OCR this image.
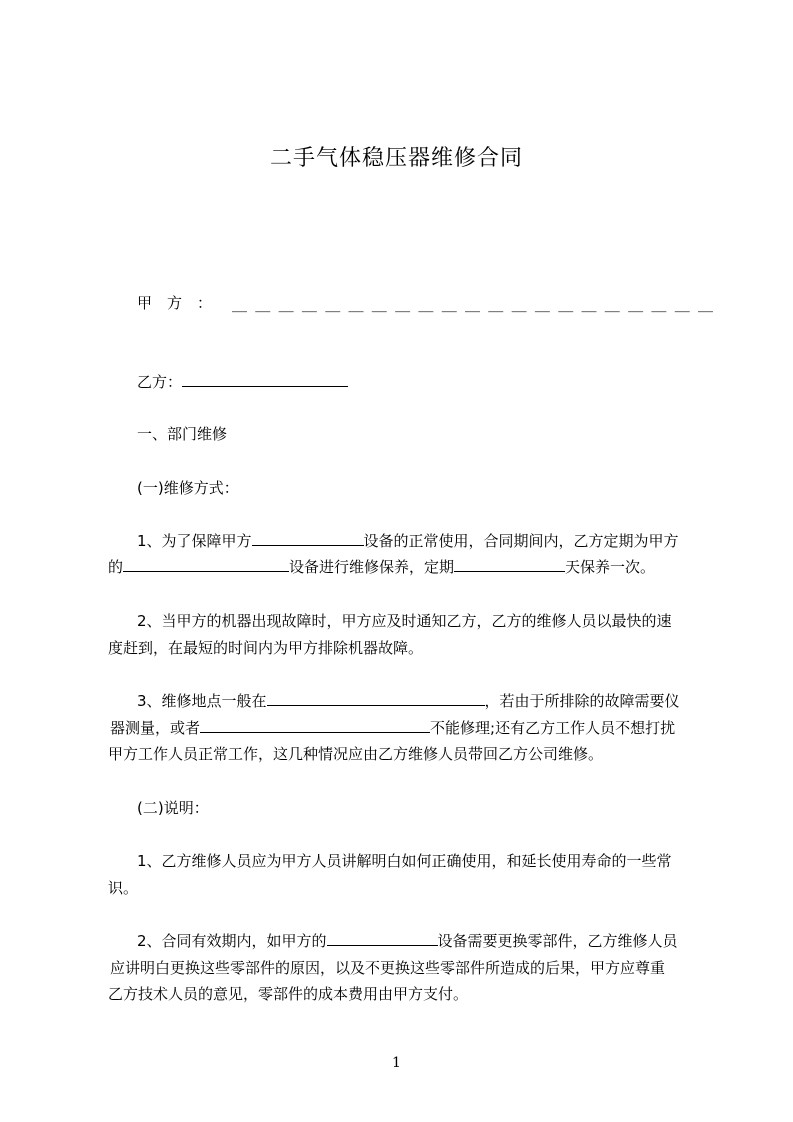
二手气体稳压器维修合同
甲　方　： ＿＿＿＿＿＿＿＿＿＿＿＿＿＿＿＿＿＿＿＿＿
乙方：
一、部门维修
(一)维修方式：
1、为了保障甲方	设备的正常使用，合同期间内，乙方定期为甲方
的	设备进行维修保养，定期	天保养一次。
2、当甲方的机器出现故障时，甲方应及时通知乙方，乙方的维修人员以最快的速
度赶到，在最短的时间内为甲方排除机器故障。
3、维修地点一般在	，若由于所排除的故障需要仪
器测量，或者	不能修理;还有乙方工作人员不想打扰
甲方工作人员正常工作，这几种情况应由乙方维修人员带回乙方公司维修。
(二)说明：
1、乙方维修人员应为甲方人员讲解明白如何正确使用，和延长使用寿命的一些常
识。
2、合同有效期内，如甲方的	设备需要更换零部件，乙方维修人员
应讲明白更换这些零部件的原因，以及不更换这些零部件所造成的后果，甲方应尊重
乙方技术人员的意见，零部件的成本费用由甲方支付。
1
